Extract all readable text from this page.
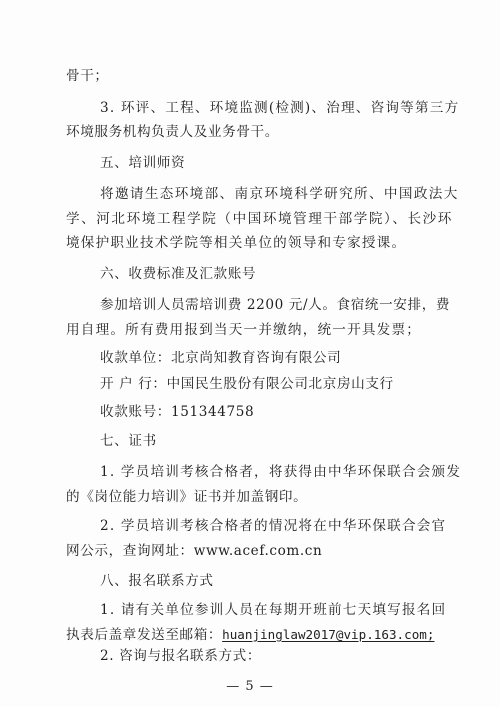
骨干；
3. 环评、工程、环境监测(检测)、治理、咨询等第三方
环境服务机构负责人及业务骨干。
五、培训师资
将邀请生态环境部、南京环境科学研究所、中国政法大
学、河北环境工程学院（中国环境管理干部学院）、长沙环
境保护职业技术学院等相关单位的领导和专家授课。
六、收费标准及汇款账号
参加培训人员需培训费 2200 元/人。食宿统一安排，费
用自理。所有费用报到当天一并缴纳，统一开具发票；
收款单位：北京尚知教育咨询有限公司
开 户 行：中国民生股份有限公司北京房山支行
收款账号：151344758
七、证书
1. 学员培训考核合格者，将获得由中华环保联合会颁发
的《岗位能力培训》证书并加盖钢印。
2. 学员培训考核合格者的情况将在中华环保联合会官
网公示，查询网址：www.acef.com.cn
八、报名联系方式
1. 请有关单位参训人员在每期开班前七天填写报名回
执表后盖章发送至邮箱：huanjinglaw2017@vip.163.com;
2. 咨询与报名联系方式：
— 5 —
